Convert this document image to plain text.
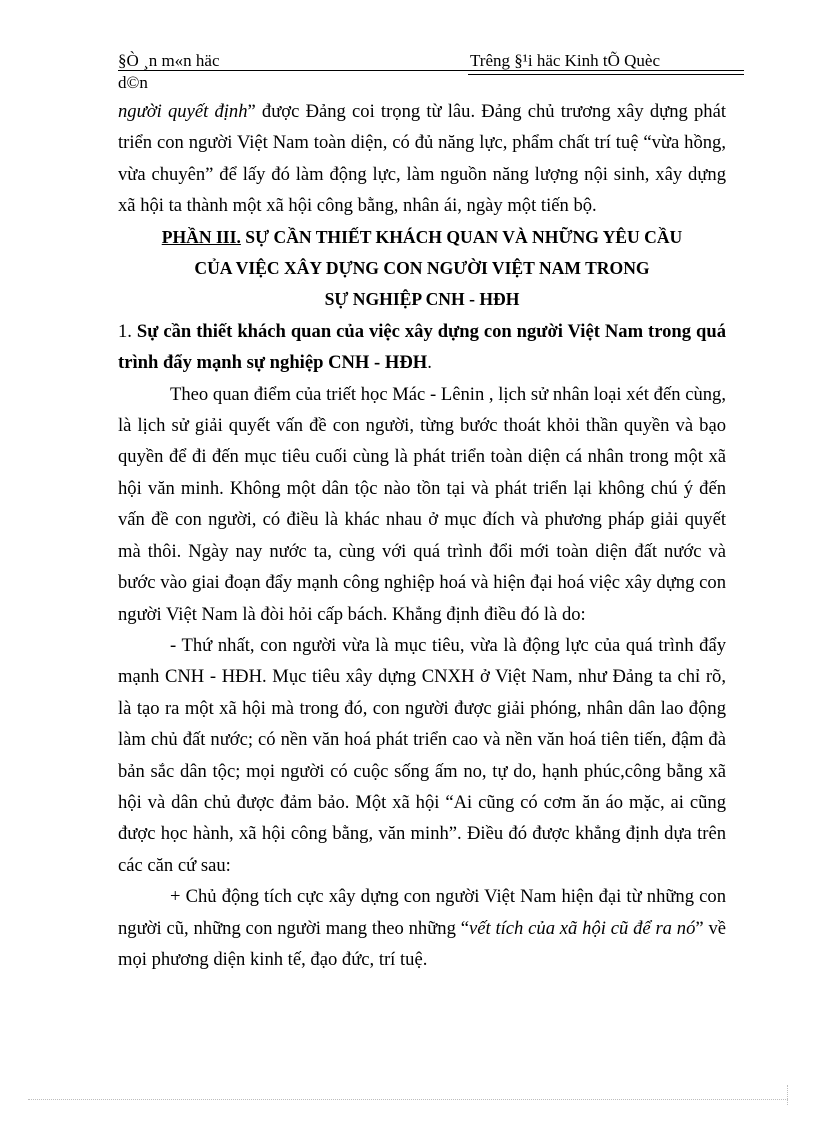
§Ò ¸n m«n häc
d©n
Trêng §¹i häc Kinh tÕ Quèc

người quyết định” được Đảng coi trọng từ lâu. Đảng chủ trương xây dựng phát triển con người Việt Nam toàn diện, có đủ năng lực, phẩm chất trí tuệ “vừa hồng, vừa chuyên” để lấy đó làm động lực, làm nguồn năng lượng nội sinh, xây dựng xã hội ta thành một xã hội công bằng, nhân ái, ngày một tiến bộ.

PHẦN III. SỰ CẦN THIẾT KHÁCH QUAN VÀ NHỮNG YÊU CẦU

CỦA VIỆC XÂY DỰNG CON NGƯỜI VIỆT NAM TRONG

SỰ NGHIỆP CNH - HĐH

1. Sự cần thiết khách quan của việc xây dựng con người Việt Nam trong quá trình đẩy mạnh sự nghiệp CNH - HĐH.

Theo quan điểm của triết học Mác - Lênin , lịch sử nhân loại xét đến cùng, là lịch sử giải quyết vấn đề con người, từng bước thoát khỏi thần quyền và bạo quyền để đi đến mục tiêu cuối cùng là phát triển toàn diện cá nhân trong một xã hội văn minh. Không một dân tộc nào tồn tại và phát triển lại không chú ý đến vấn đề con người, có điều là khác nhau ở mục đích và phương pháp giải quyết mà thôi. Ngày nay nước ta, cùng với quá trình đổi mới toàn diện đất nước và bước vào giai đoạn đẩy mạnh công nghiệp hoá và hiện đại hoá việc xây dựng con người Việt Nam là đòi hỏi cấp bách. Khẳng định điều đó là do:

- Thứ nhất, con người vừa là mục tiêu, vừa là động lực của quá trình đẩy mạnh CNH - HĐH. Mục tiêu xây dựng CNXH ở Việt Nam, như Đảng ta chỉ rõ, là tạo ra một xã hội mà trong đó, con người được giải phóng, nhân dân lao động làm chủ đất nước; có nền văn hoá phát triển cao và nền văn hoá tiên tiến, đậm đà bản sắc dân tộc; mọi người có cuộc sống ấm no, tự do, hạnh phúc,công bằng xã hội và dân chủ được đảm bảo. Một xã hội “Ai cũng có cơm ăn áo mặc, ai cũng được học hành, xã hội công bằng, văn minh”. Điều đó được khẳng định dựa trên các căn cứ sau:

+ Chủ động tích cực xây dựng con người Việt Nam hiện đại từ những con người cũ, những con người mang theo những “vết tích của xã hội cũ để ra nó” về mọi phương diện kinh tế, đạo đức, trí tuệ.
